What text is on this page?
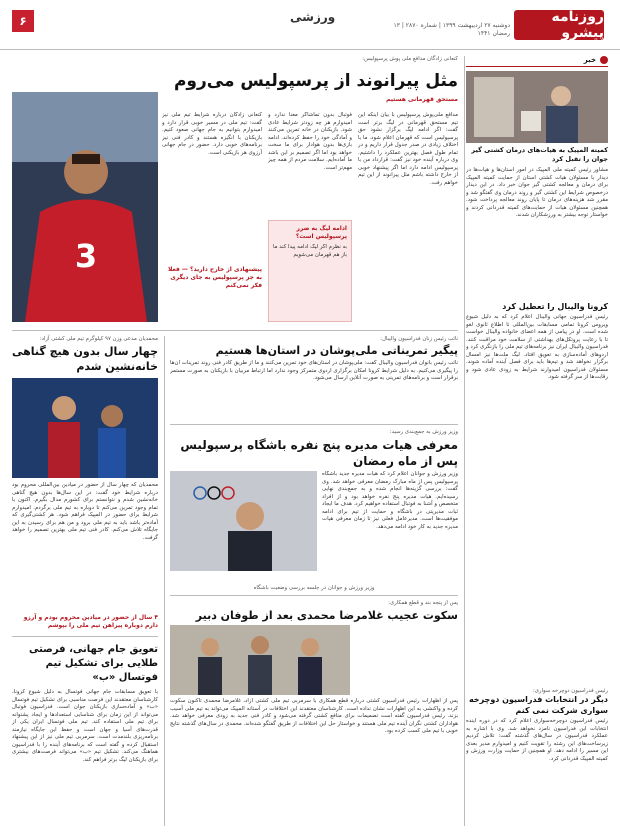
۶	ورزشی	روزنامه پیشرو
دوشنبه ۲۷ اردیبهشت ۱۳۹۹ | شماره ۲۸۷۰ | ۱۳ رمضان ۱۴۴۱
خبر
کمیته المپیک به هیات‌های درمان کشتی گیر جوان را تقبل کرد
مشاور رئیس کمیته ملی المپیک در امور استان‌ها و هیات‌ها در دیدار با مسئولان هیات کشتی استان از حمایت کمیته المپیک برای درمان و معالجه کشتی گیر جوان خبر داد. در این دیدار درخصوص شرایط این کشتی گیر و روند درمان وی گفتگو شد و مقرر شد هزینه‌های درمان تا پایان روند معالجه پرداخت شود. همچنین مسئولان هیات از حمایت‌های کمیته قدردانی کردند و خواستار توجه بیشتر به ورزشکاران شدند.
کرونا والیبال را تعطیل کرد
رئیس فدراسیون جهانی والیبال اعلام کرد که به دلیل شیوع ویروس کرونا تمامی مسابقات بین‌المللی تا اطلاع ثانوی لغو شده است. او در پیامی از همه اعضای خانواده والیبال خواست تا با رعایت پروتکل‌های بهداشتی از سلامت خود مراقبت کنند. فدراسیون والیبال ایران نیز برنامه‌های تیم ملی را بازنگری کرد و اردوهای آماده‌سازی به تعویق افتاد. لیگ ملت‌ها نیز امسال برگزار نخواهد شد و تیم‌ها باید برای فصل آینده آماده شوند. مسئولان فدراسیون امیدوارند شرایط به زودی عادی شود و رقابت‌ها از سر گرفته شود.
رئیس فدراسیون دوچرخه سواری:
دیگر در انتخابات فدراسیون دوچرخه سواری شرکت نمی کنم
رئیس فدراسیون دوچرخه‌سواری اعلام کرد که در دوره آینده انتخابات این فدراسیون نامزد نخواهد شد. وی با اشاره به عملکرد فدراسیون در سال‌های گذشته گفت: تلاش کردیم زیرساخت‌های این رشته را تقویت کنیم و امیدوارم مدیر بعدی این مسیر را ادامه دهد. او همچنین از حمایت وزارت ورزش و کمیته المپیک قدردانی کرد.
کنعانی زادگان مدافع ملی پوش پرسپولیس:
مثل پیرانوند از پرسپولیس می‌روم
مستحق قهرمانی هستیم
مدافع ملی‌پوش پرسپولیس با بیان اینکه این تیم مستحق قهرمانی در لیگ برتر است گفت: اگر ادامه لیگ برگزار نشود حق پرسپولیس است که قهرمان اعلام شود. ما با اختلاف زیادی در صدر جدول قرار داریم و در تمام طول فصل بهترین عملکرد را داشتیم. وی درباره آینده خود نیز گفت: قرارداد من با پرسپولیس ادامه دارد اما اگر پیشنهاد خوبی از خارج داشته باشم مثل پیرانوند از این تیم خواهم رفت.
فوتبال بدون تماشاگر معنا ندارد و امیدوارم هر چه زودتر شرایط عادی شود. بازیکنان در خانه تمرین می‌کنند و آمادگی خود را حفظ کرده‌اند. ادامه بازی‌ها بدون هوادار برای ما سخت خواهد بود اما اگر تصمیم بر این باشد ما آماده‌ایم. سلامت مردم از همه چیز مهم‌تر است.
ادامه لیگ به ضرر پرسپولیس است؟
به نظرم اگر لیگ ادامه پیدا کند ما باز هم قهرمان می‌شویم
کنعانی زادگان درباره شرایط تیم ملی نیز گفت: تیم ملی در مسیر خوبی قرار دارد و امیدوارم بتوانیم به جام جهانی صعود کنیم. بازیکنان با انگیزه هستند و کادر فنی نیز برنامه‌های خوبی دارد. حضور در جام جهانی آرزوی هر بازیکنی است.
پیشنهادی از خارج دارید؟ — فعلا به جز پرسپولیس به جای دیگری فکر نمی‌کنم
3
محمدیان مدعی وزن ۹۷ کیلوگرم تیم ملی کشتی آزاد:
چهار سال بدون هیچ گناهی خانه‌نشین شدم
محمدیان که چهار سال از حضور در میادین بین‌المللی محروم بود درباره شرایط خود گفت: در این سال‌ها بدون هیچ گناهی خانه‌نشین شدم و نتوانستم برای کشورم مدال بگیرم. اکنون با تمام وجود تمرین می‌کنم تا دوباره به تیم ملی برگردم. امیدوارم شرایط برای حضور در المپیک فراهم شود. هر کشتی‌گیری که آماده‌تر باشد باید به تیم ملی برود و من هم برای رسیدن به این جایگاه تلاش می‌کنم. کادر فنی تیم ملی بهترین تصمیم را خواهد گرفت.
۴ سال از حضور در میادین محروم بودم و آرزو دارم دوباره پیراهن تیم ملی را بپوشم
تعویق جام جهانی، فرصتی طلایی برای تشکیل تیم فوتسال «ب»
با تعویق مسابقات جام جهانی فوتسال به دلیل شیوع کرونا، کارشناسان معتقدند این فرصت مناسبی برای تشکیل تیم فوتسال «ب» و آماده‌سازی بازیکنان جوان است. فدراسیون فوتبال می‌تواند از این زمان برای شناسایی استعدادها و ایجاد پشتوانه برای تیم ملی استفاده کند. تیم ملی فوتسال ایران یکی از قدرت‌های آسیا و جهان است و حفظ این جایگاه نیازمند برنامه‌ریزی بلندمدت است. سرمربی تیم ملی نیز از این پیشنهاد استقبال کرده و گفته است که برنامه‌های آینده را با فدراسیون هماهنگ می‌کند. تشکیل تیم «ب» می‌تواند فرصت‌های بیشتری برای بازیکنان لیگ برتر فراهم کند.
نائب رئیس زنان فدراسیون والیبال:
پیگیر تمریناتی ملی‌پوشان در استان‌ها هستیم
نائب رئیس بانوان فدراسیون والیبال گفت: ملی‌پوشان در استان‌های خود تمرین می‌کنند و ما از طریق کادر فنی روند تمرینات آن‌ها را پیگیری می‌کنیم. به دلیل شرایط کرونا امکان برگزاری اردوی متمرکز وجود ندارد اما ارتباط مربیان با بازیکنان به صورت مستمر برقرار است و برنامه‌های تمرینی به صورت آنلاین ارسال می‌شود.
وزیر ورزش به جمع‌بندی رسید:
معرفی هیات مدیره پنج نفره باشگاه پرسپولیس پس از ماه رمضان
وزیر ورزش و جوانان اعلام کرد که هیات مدیره جدید باشگاه پرسپولیس پس از ماه مبارک رمضان معرفی خواهد شد. وی گفت: بررسی گزینه‌ها انجام شده و به جمع‌بندی نهایی رسیده‌ایم. هیات مدیره پنج نفره خواهد بود و از افراد متخصص و آشنا به فوتبال استفاده خواهیم کرد. هدف ما ایجاد ثبات مدیریتی در باشگاه و حمایت از تیم برای ادامه موفقیت‌ها است. مدیرعامل فعلی نیز تا زمان معرفی هیات مدیره جدید به کار خود ادامه می‌دهد.
وزیر ورزش و جوانان در جلسه بررسی وضعیت باشگاه
پس از پنجه بند و قطع همکاری:
سکوت عجیب غلامرضا محمدی بعد از طوفان دبیر
پس از اظهارات رئیس فدراسیون کشتی درباره قطع همکاری با سرمربی تیم ملی کشتی آزاد، غلامرضا محمدی تاکنون سکوت کرده و واکنشی به این اظهارات نشان نداده است. کارشناسان معتقدند این اختلافات در آستانه المپیک می‌تواند به تیم ملی آسیب بزند. رئیس فدراسیون گفته است تصمیمات برای منافع کشتی گرفته می‌شود و کادر فنی جدید به زودی معرفی خواهد شد. هواداران کشتی نگران آینده تیم ملی هستند و خواستار حل این اختلافات از طریق گفتگو شده‌اند. محمدی در سال‌های گذشته نتایج خوبی با تیم ملی کسب کرده بود.
